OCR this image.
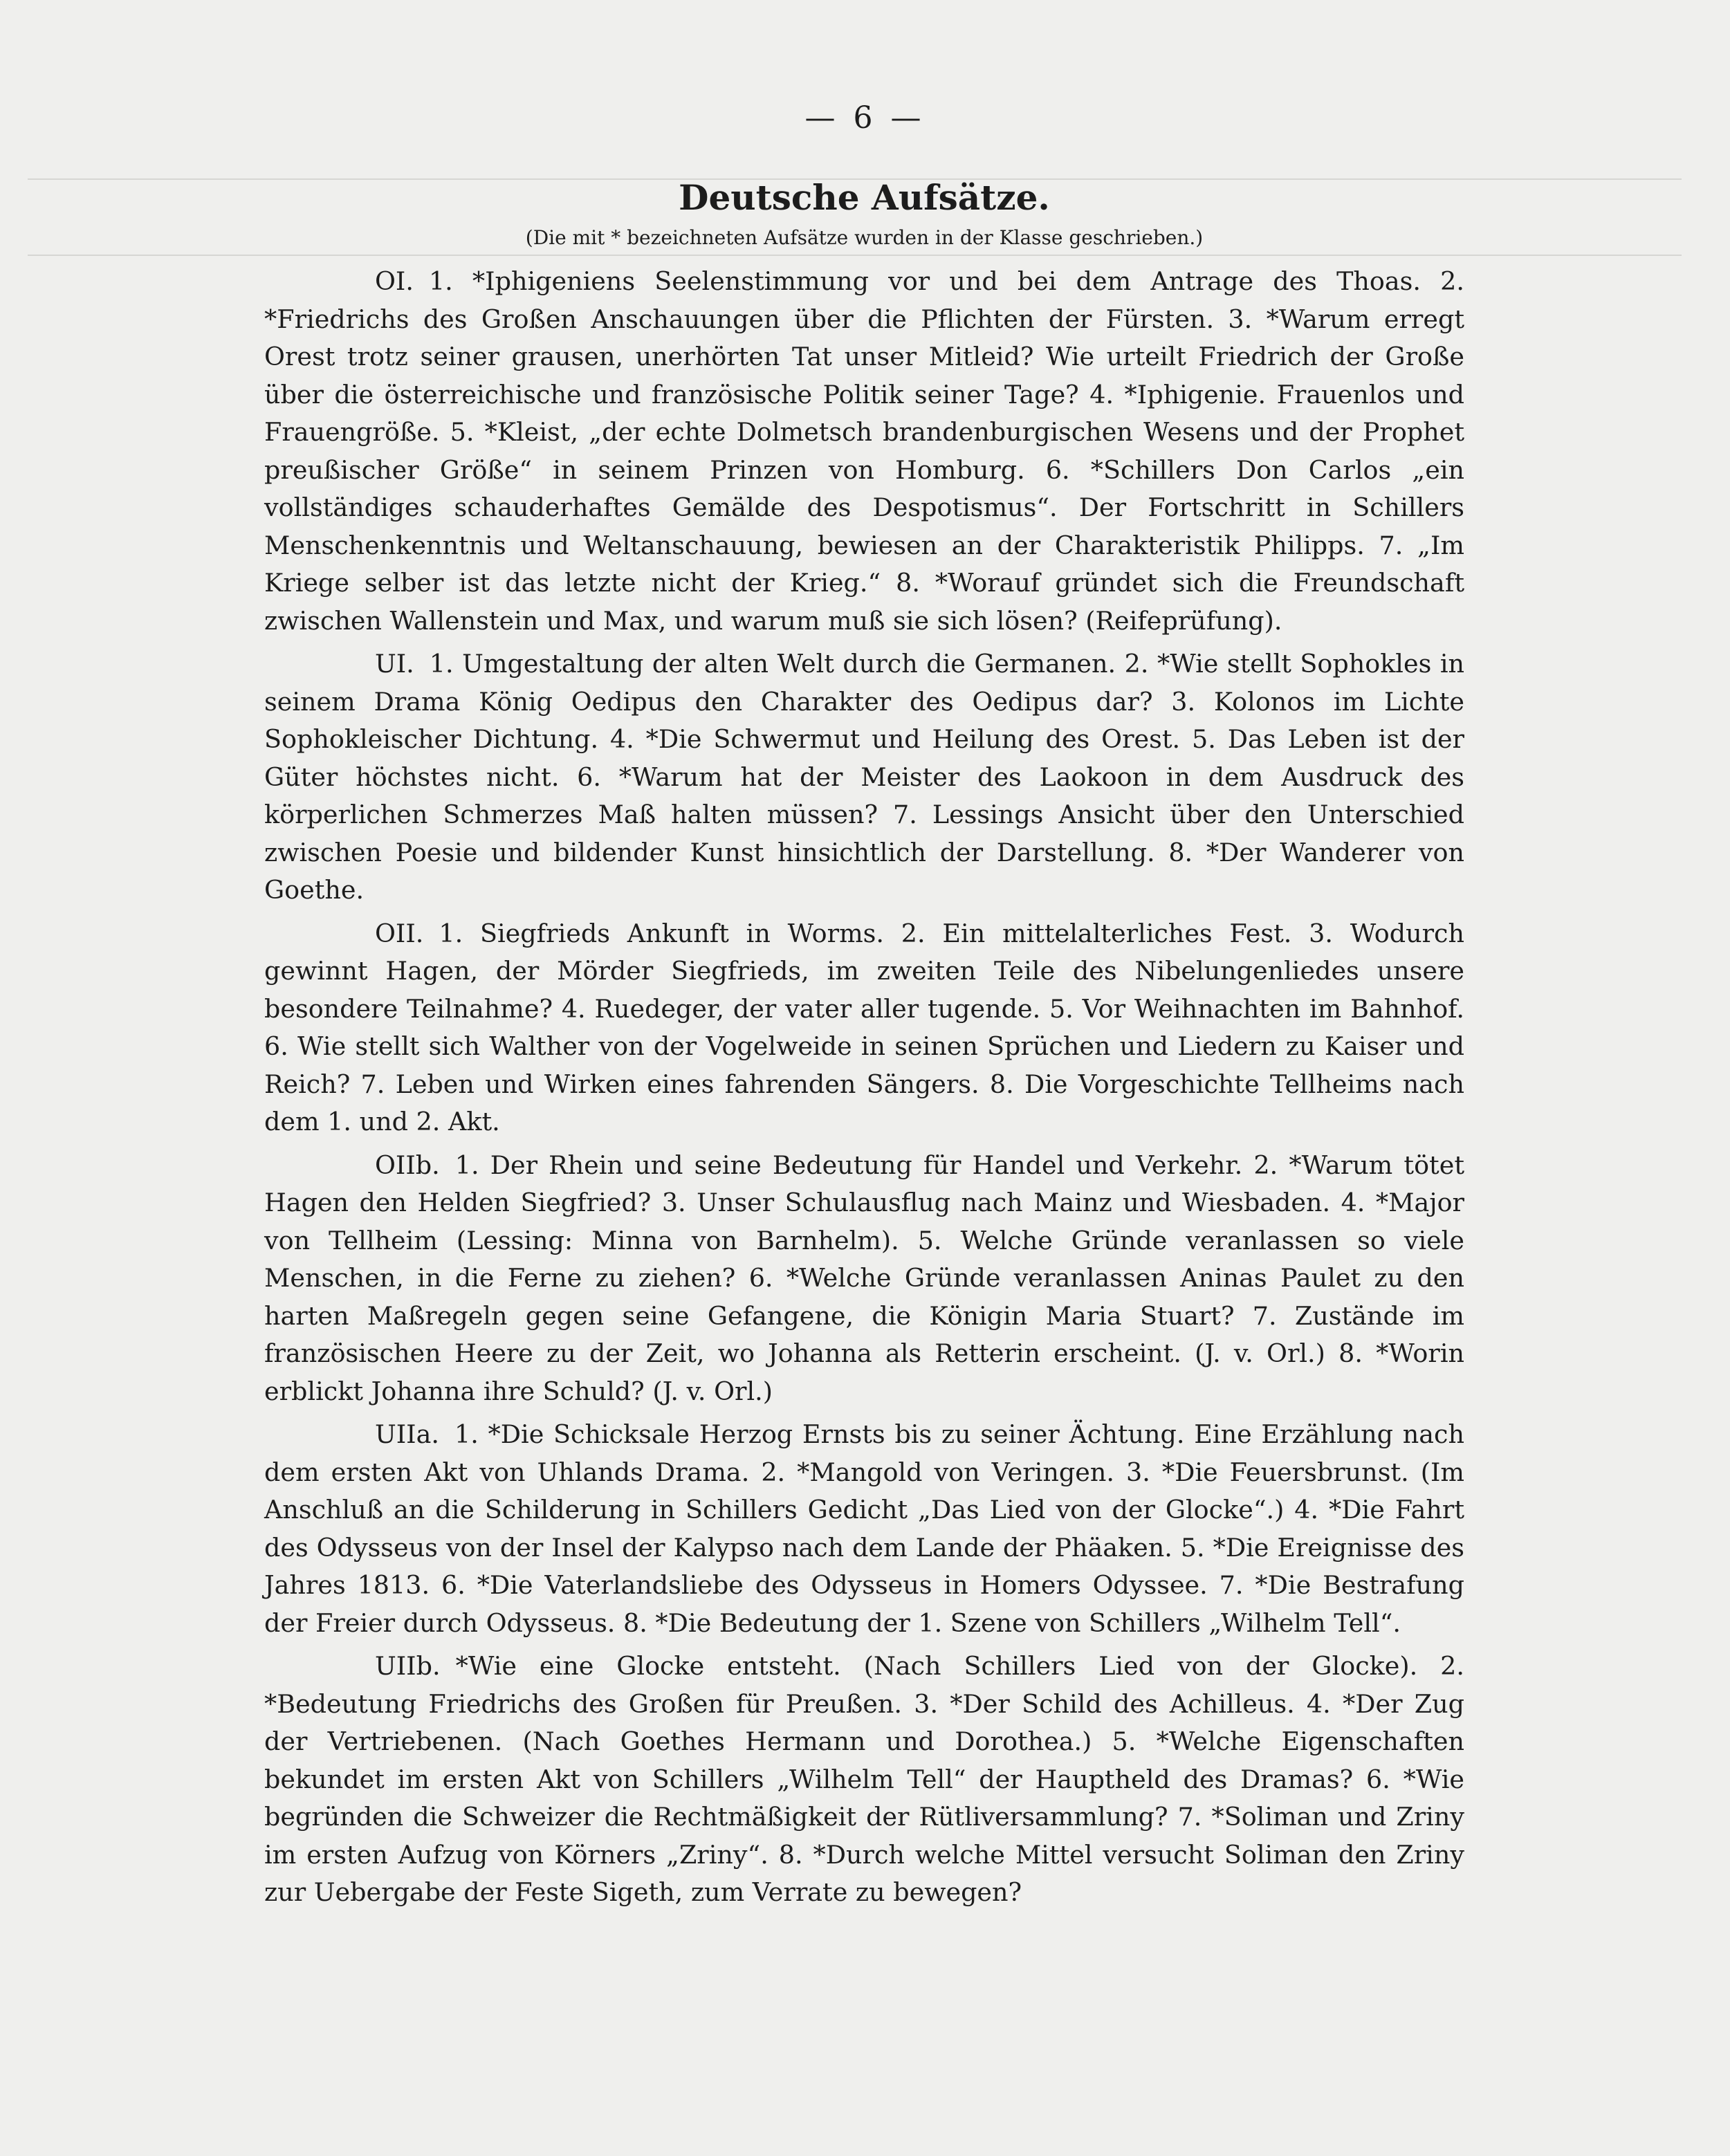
— 6 —
Deutsche Aufsätze.

(Die mit * bezeichneten Aufsätze wurden in der Klasse geschrieben.)

OI. 1. *Iphigeniens Seelenstimmung vor und bei dem Antrage des Thoas. 2. *Friedrichs des Großen Anschauungen über die Pflichten der Fürsten. 3. *Warum erregt Orest trotz seiner grausen, unerhörten Tat unser Mitleid? Wie urteilt Friedrich der Große über die österreichische und französische Politik seiner Tage? 4. *Iphigenie. Frauenlos und Frauengröße. 5. *Kleist, „der echte Dolmetsch brandenburgischen Wesens und der Prophet preußischer Größe“ in seinem Prinzen von Homburg. 6. *Schillers Don Carlos „ein vollständiges schauderhaftes Gemälde des Despotismus“. Der Fortschritt in Schillers Menschenkenntnis und Weltanschauung, bewiesen an der Charakteristik Philipps. 7. „Im Kriege selber ist das letzte nicht der Krieg.“ 8. *Worauf gründet sich die Freundschaft zwischen Wallenstein und Max, und warum muß sie sich lösen? (Reifeprüfung).

UI. 1. Umgestaltung der alten Welt durch die Germanen. 2. *Wie stellt Sophokles in seinem Drama König Oedipus den Charakter des Oedipus dar? 3. Kolonos im Lichte Sophokleischer Dichtung. 4. *Die Schwermut und Heilung des Orest. 5. Das Leben ist der Güter höchstes nicht. 6. *Warum hat der Meister des Laokoon in dem Ausdruck des körperlichen Schmerzes Maß halten müssen? 7. Lessings Ansicht über den Unterschied zwischen Poesie und bildender Kunst hinsichtlich der Darstellung. 8. *Der Wanderer von Goethe.

OII. 1. Siegfrieds Ankunft in Worms. 2. Ein mittelalterliches Fest. 3. Wodurch gewinnt Hagen, der Mörder Siegfrieds, im zweiten Teile des Nibelungenliedes unsere besondere Teilnahme? 4. Ruedeger, der vater aller tugende. 5. Vor Weihnachten im Bahnhof. 6. Wie stellt sich Walther von der Vogelweide in seinen Sprüchen und Liedern zu Kaiser und Reich? 7. Leben und Wirken eines fahrenden Sängers. 8. Die Vorgeschichte Tellheims nach dem 1. und 2. Akt.

OIIb. 1. Der Rhein und seine Bedeutung für Handel und Verkehr. 2. *Warum tötet Hagen den Helden Siegfried? 3. Unser Schulausflug nach Mainz und Wiesbaden. 4. *Major von Tellheim (Lessing: Minna von Barnhelm). 5. Welche Gründe veranlassen so viele Menschen, in die Ferne zu ziehen? 6. *Welche Gründe veranlassen Aninas Paulet zu den harten Maßregeln gegen seine Gefangene, die Königin Maria Stuart? 7. Zustände im französischen Heere zu der Zeit, wo Johanna als Retterin erscheint. (J. v. Orl.) 8. *Worin erblickt Johanna ihre Schuld? (J. v. Orl.)

UIIa. 1. *Die Schicksale Herzog Ernsts bis zu seiner Ächtung. Eine Erzählung nach dem ersten Akt von Uhlands Drama. 2. *Mangold von Veringen. 3. *Die Feuersbrunst. (Im Anschluß an die Schilderung in Schillers Gedicht „Das Lied von der Glocke“.) 4. *Die Fahrt des Odysseus von der Insel der Kalypso nach dem Lande der Phäaken. 5. *Die Ereignisse des Jahres 1813. 6. *Die Vaterlandsliebe des Odysseus in Homers Odyssee. 7. *Die Bestrafung der Freier durch Odysseus. 8. *Die Bedeutung der 1. Szene von Schillers „Wilhelm Tell“.

UIIb. *Wie eine Glocke entsteht. (Nach Schillers Lied von der Glocke). 2. *Bedeutung Friedrichs des Großen für Preußen. 3. *Der Schild des Achilleus. 4. *Der Zug der Vertriebenen. (Nach Goethes Hermann und Dorothea.) 5. *Welche Eigenschaften bekundet im ersten Akt von Schillers „Wilhelm Tell“ der Hauptheld des Dramas? 6. *Wie begründen die Schweizer die Rechtmäßigkeit der Rütliversammlung? 7. *Soliman und Zriny im ersten Aufzug von Körners „Zriny“. 8. *Durch welche Mittel versucht Soliman den Zriny zur Uebergabe der Feste Sigeth, zum Verrate zu bewegen?
